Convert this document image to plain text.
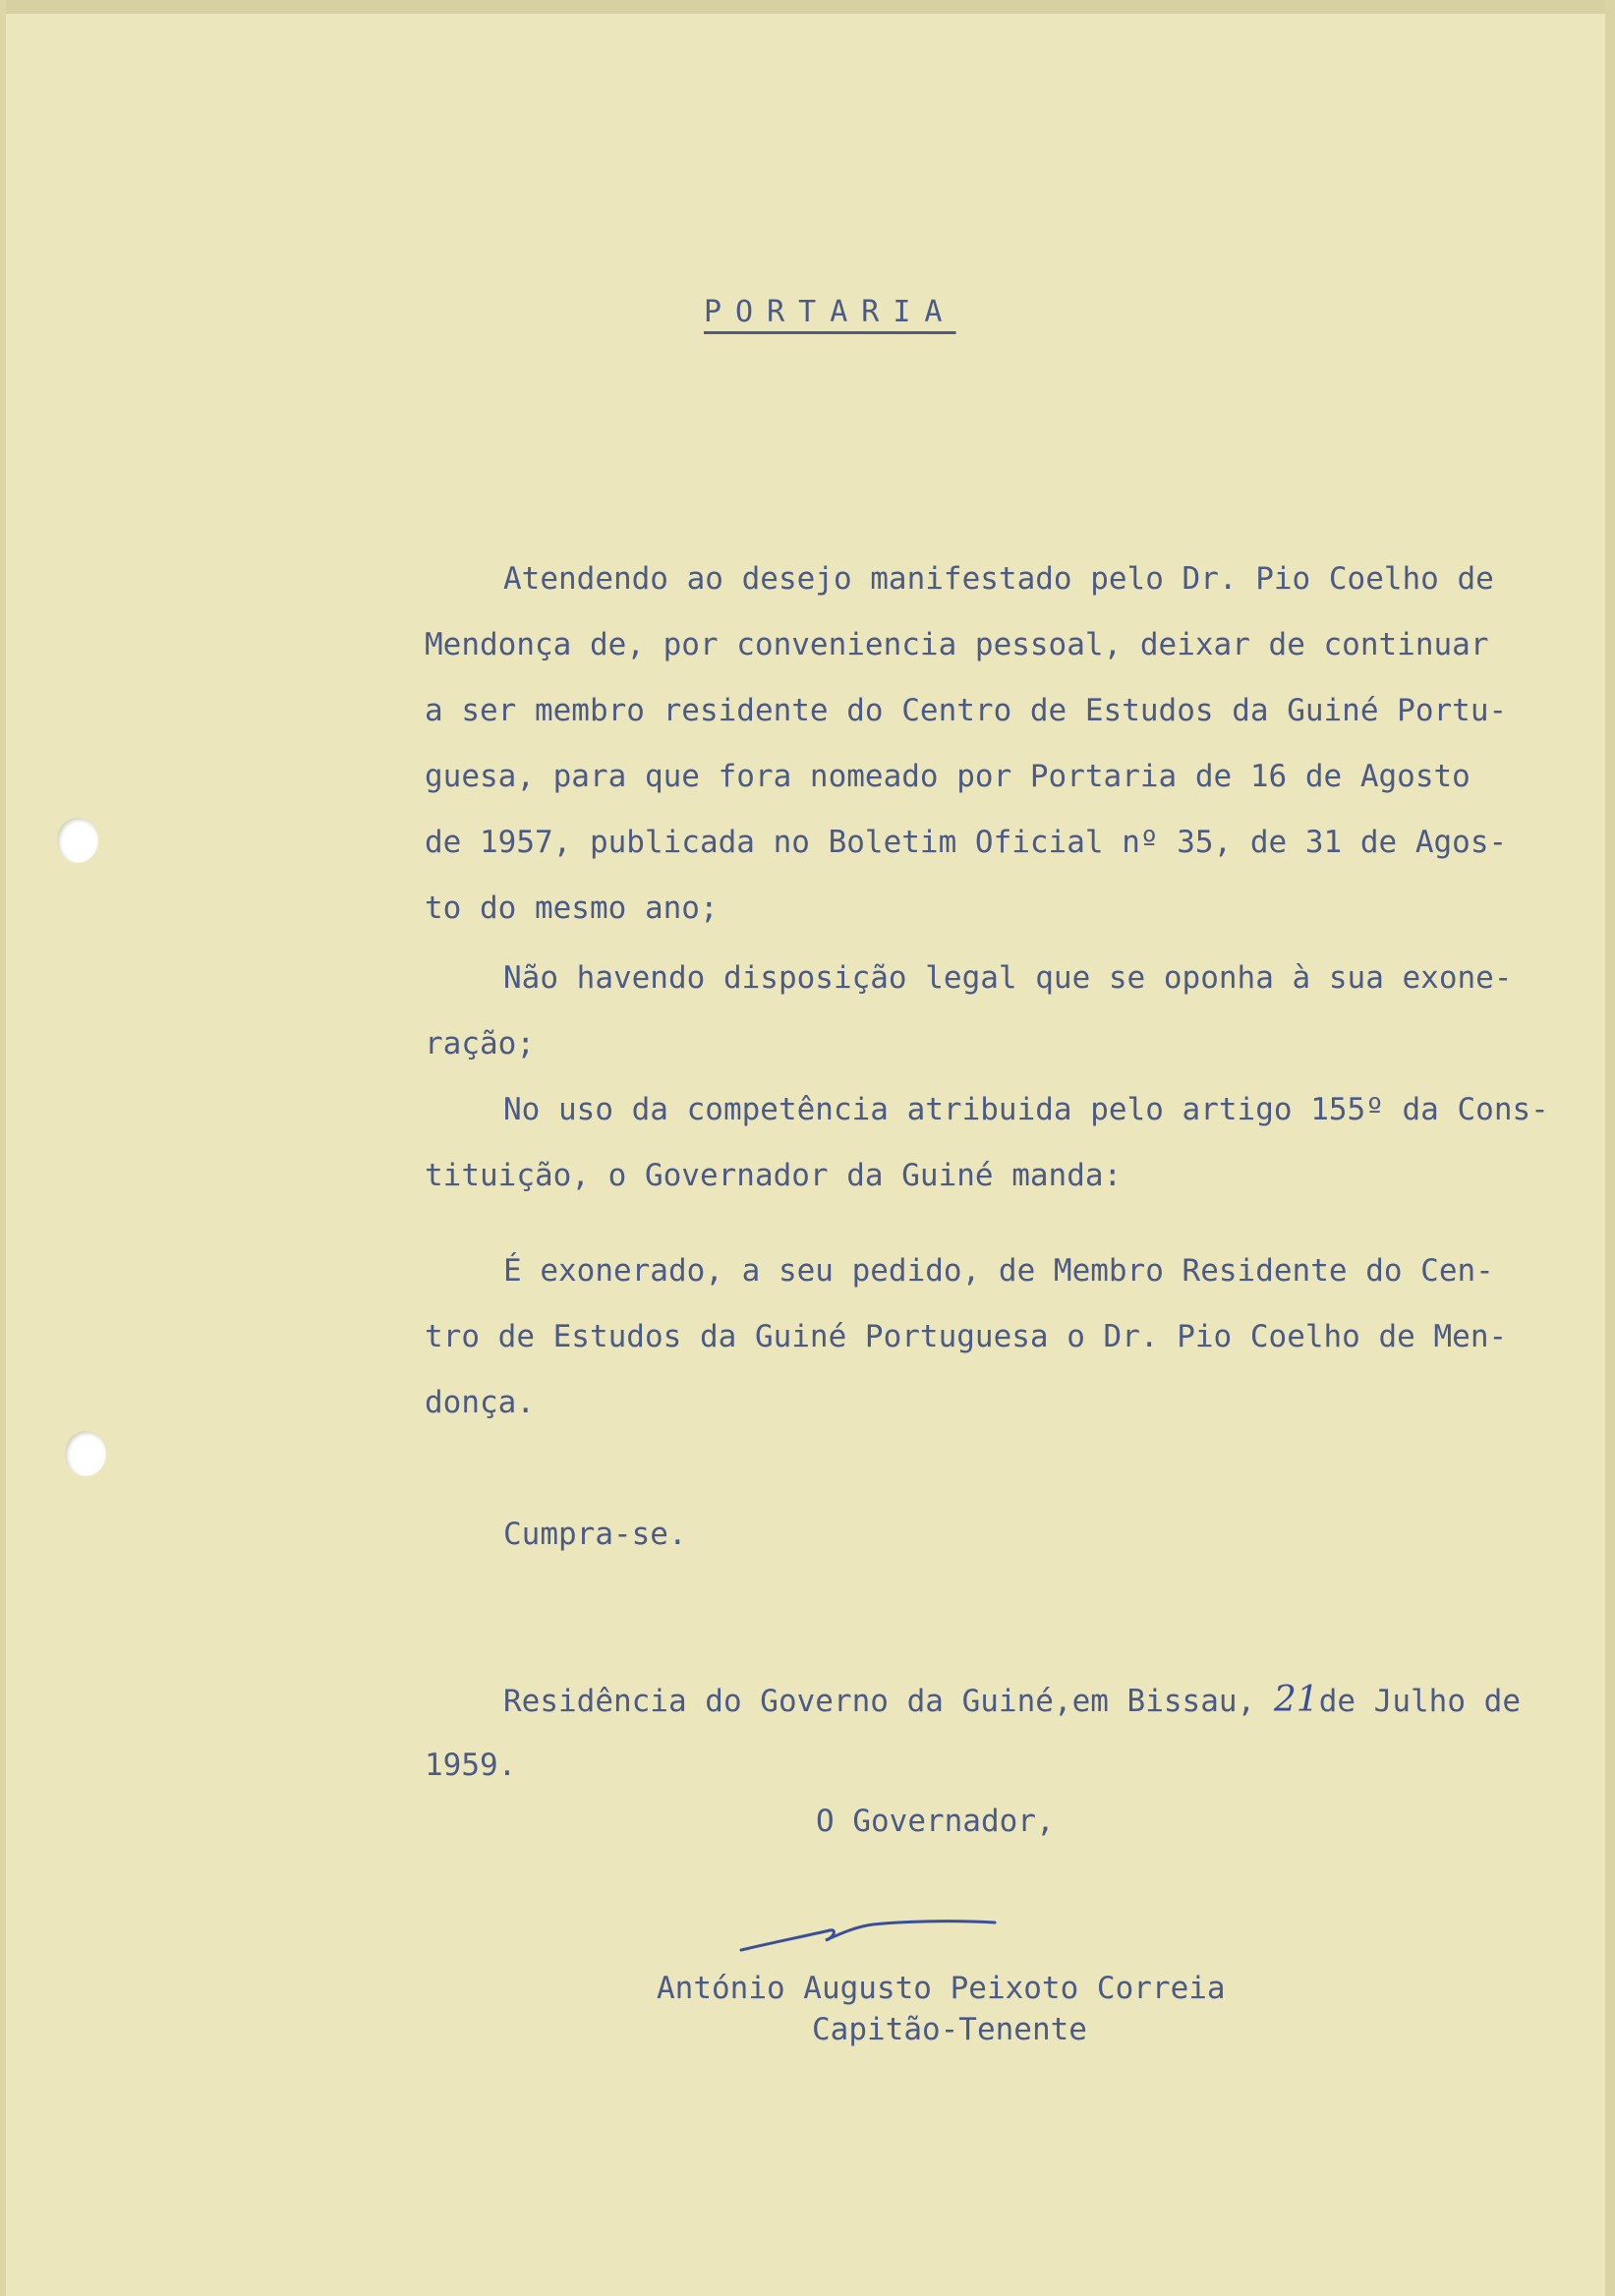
PORTARIA
Atendendo ao desejo manifestado pelo Dr. Pio Coelho de
Mendonça de, por conveniencia pessoal, deixar de continuar
a ser membro residente do Centro de Estudos da Guiné Portu-
guesa, para que fora nomeado por Portaria de 16 de Agosto
de 1957, publicada no Boletim Oficial nº 35, de 31 de Agos-
to do mesmo ano;
Não havendo disposição legal que se oponha à sua exone-
ração;
No uso da competência atribuida pelo artigo 155º da Cons-
tituição, o Governador da Guiné manda:
É exonerado, a seu pedido, de Membro Residente do Cen-
tro de Estudos da Guiné Portuguesa o Dr. Pio Coelho de Men-
donça.
Cumpra-se.
Residência do Governo da Guiné,em Bissau, 21de Julho de
1959.
O Governador,
António Augusto Peixoto Correia
Capitão-Tenente
